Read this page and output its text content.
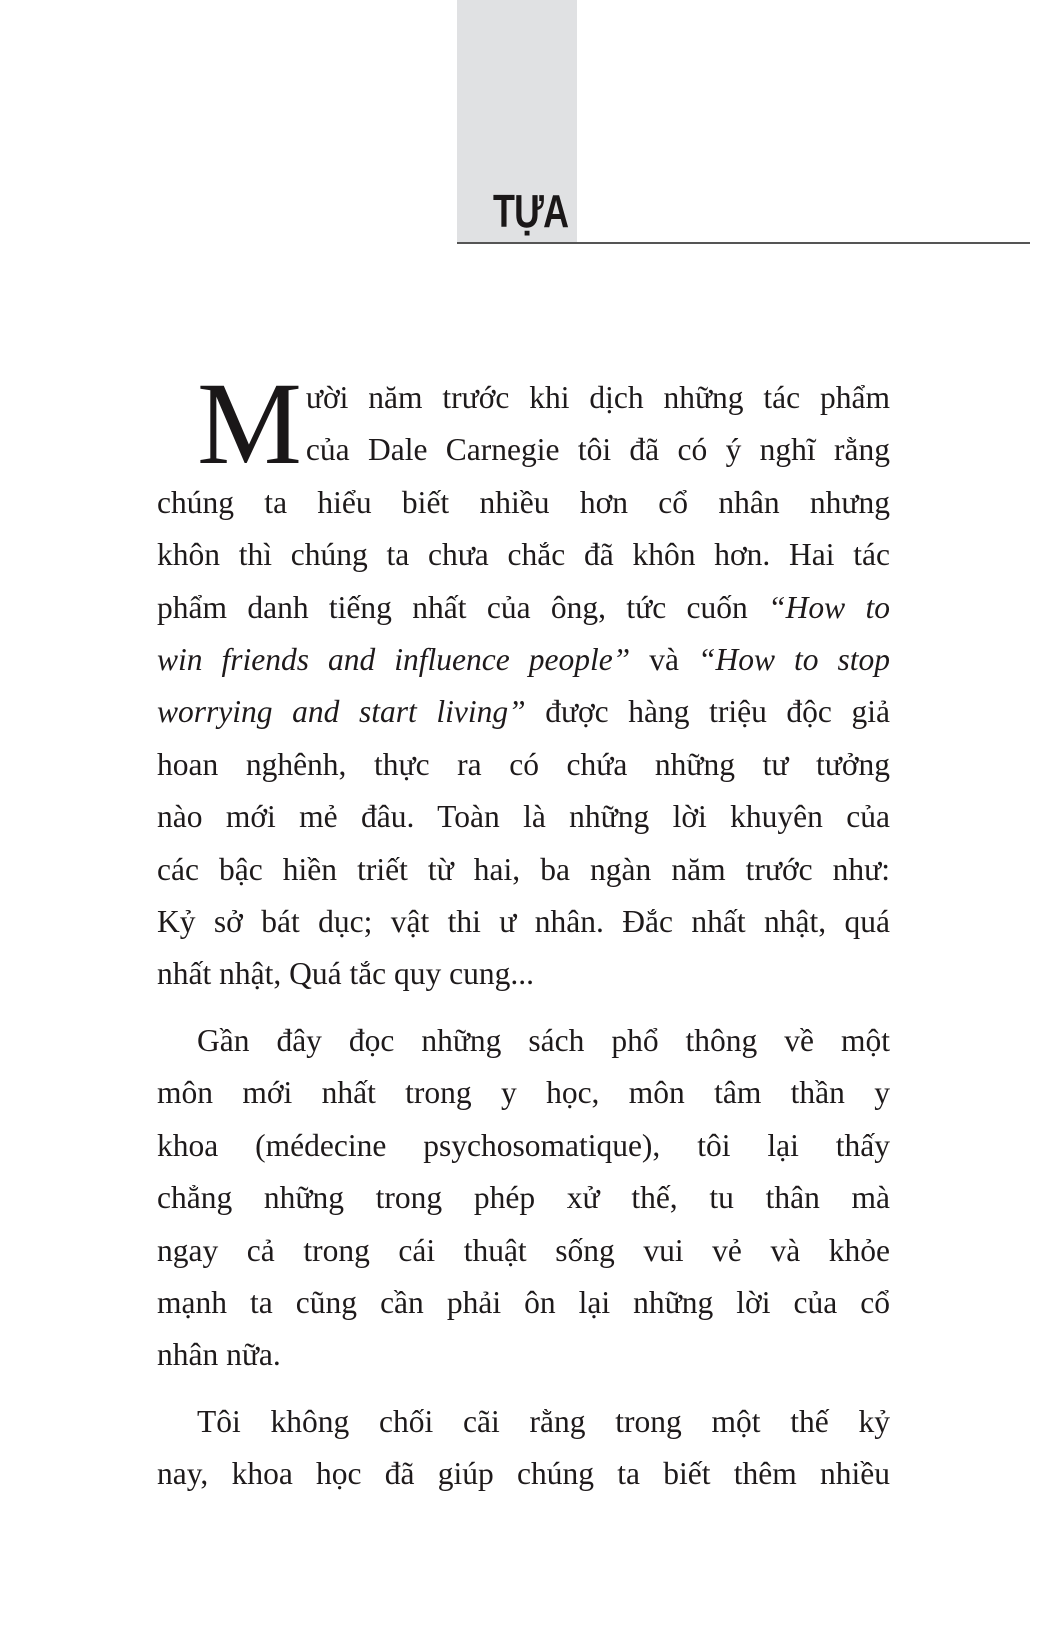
TỰA
M ười năm trước khi dịch những tác phẩm
của Dale Carnegie tôi đã có ý nghĩ rằng
chúng ta hiểu biết nhiều hơn cổ nhân nhưng
khôn thì chúng ta chưa chắc đã khôn hơn. Hai tác
phẩm danh tiếng nhất của ông, tức cuốn “How to
win friends and influence people” và “How to stop
worrying and start living” được hàng triệu độc giả
hoan nghênh, thực ra có chứa những tư tưởng
nào mới mẻ đâu. Toàn là những lời khuyên của
các bậc hiền triết từ hai, ba ngàn năm trước như:
Kỷ sở bát dục; vật thi ư nhân. Đắc nhất nhật, quá
nhất nhật, Quá tắc quy cung...
Gần đây đọc những sách phổ thông về một
môn mới nhất trong y học, môn tâm thần y
khoa (médecine psychosomatique), tôi lại thấy
chẳng những trong phép xử thế, tu thân mà
ngay cả trong cái thuật sống vui vẻ và khỏe
mạnh ta cũng cần phải ôn lại những lời của cổ
nhân nữa.
Tôi không chối cãi rằng trong một thế kỷ
nay, khoa học đã giúp chúng ta biết thêm nhiều
